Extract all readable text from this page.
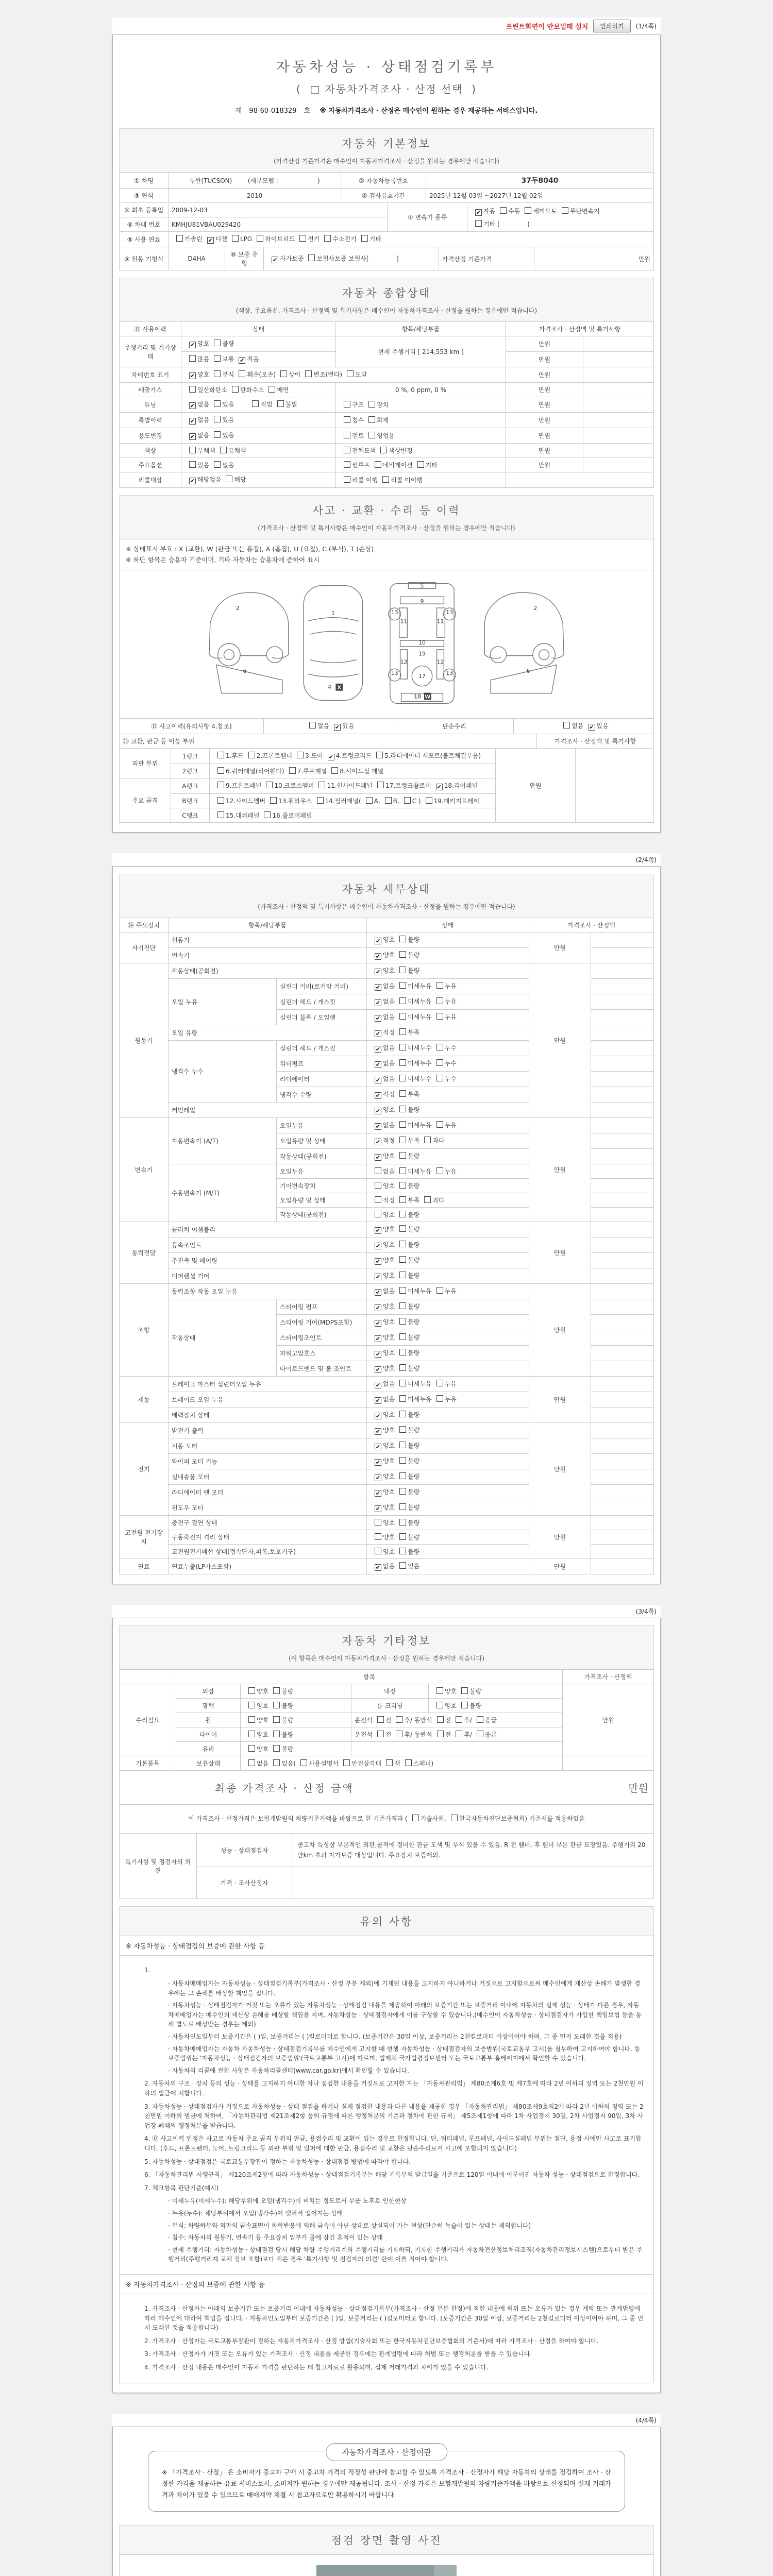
프린트화면이 안보일때 설치	인쇄하기	(1/4쪽)
자동차성능 · 상태점검기록부
(  □ 자동차가격조사 · 산정 선택  )
제 98-60-018329 호 ※ 자동차가격조사 · 산정은 매수인이 원하는 경우 제공하는 서비스입니다.
자동차 기본정보
(가격산정 기준가격은 매수인이 자동차가격조사 · 산정을 원하는 경우에만 적습니다)
① 차명	투싼(TUCSON)        (세부모델 :                    )	② 자동차등록번호	37두8040
③ 연식	2010	④ 검사유효기간	2025년 12월 03일 ~2027년 12월 02일
⑤ 최초 등록일	2009-12-03	⑦ 변속기 종류	✔ 자동 수동 세미오토 무단변속기
기타 (              )

⑥ 차대 번호	KMHJU81VBAU029420		
⑧ 사용 연료	가솔린 ✔ 디젤 LPG 하이브리드 전기 수소전기 기타
⑨ 원동 기형식	D4HA	⑩ 보증 유형	✔ 자가보증 보험사보증 보험사[              ]	가격산정 기준가격	만원
자동차 종합상태
(색상, 주요옵션, 가격조사 · 산정액 및 특기사항은 매수인이 자동차가격조사 · 산정을 원하는 경우에만 적습니다)
⑪ 사용이력	상태	항목/해당부품	가격조사 · 산정액 및 특기사항	
주행거리 및 계기상태	✔ 양호 불량	현재 주행거리 [ 214,553 km ]	만원	
	많음 보통 ✔ 적음		만원	
차대번호 표기	✔ 양호 부식 훼손(오손) 상이 변조(변타) 도말		만원	
배출가스	일산화탄소 탄화수소 매연	0 %, 0 ppm, 0 %	만원	
튜닝	✔ 없음 있음 적법 불법	구조 장치	만원	
특별이력	✔ 없음 있음	침수 화재	만원	
용도변경	✔ 없음 있음	렌트 영업용	만원	
색상	무채색 유채색	전체도색 색상변경	만원	
주요옵션	있음 없음	썬루프 네비게이션 기타	만원	
리콜대상	✔ 해당없음 해당	리콜 이행 리콜 미이행		
사고 · 교환 · 수리 등 이력
(가격조사 · 산정액 및 특기사항은 매수인이 자동차가격조사 · 산정을 원하는 경우에만 적습니다)
※ 상태표시 부호 : X (교환), W (판금 또는 용접), A (흠집), U (요철), C (부식), T (손상)
※ 하단 항목은 승용차 기준이며, 기타 자동차는 승용차에 준하여 표시
2
6
1
4 X
5
9
11	11
13	13
10
19
12	12
13	13
17
18 W
2
6
⑫ 사고이력(유의사항 4.참조)	없음 ✔ 있음	단순수리	없음 ✔ 있음
⑬ 교환, 판금 등 이상 부위	가격조사 · 산정액 및 특기사항
외판 부위	1랭크	1.후드 2.프론트휀더 3.도어 ✔ 4.트렁크리드 5.라디에이터 서포트(볼트체결부품)	만원	
	2랭크	6.쿼터패널(리어휀다) 7.루프패널 8.사이드실 패널		
주요 골격	A랭크	9.프론트패널 10.크로스멤버 11.인사이드패널 17.트렁크플로어 ✔ 18.리어패널		
	B랭크	12.사이드멤버 13.휠하우스 14.필러패널( A, B, C ) 19.패키지트레이		
	C랭크	15.대쉬패널 16.플로어패널		
(2/4쪽)
자동차 세부상태
(가격조사 · 산정액 및 특기사항은 매수인이 자동차가격조사 · 산정을 원하는 경우에만 적습니다)
⑭ 주요장치	항목/해당부품		상태	가격조사 · 산정액	
자기진단	원동기		✔ 양호 불량	만원	
	변속기		✔ 양호 불량		
원동기	작동상태(공회전)		✔ 양호 불량	만원	
	오일 누유	실린더 커버(로커암 커버)	✔ 없음 미세누유 누유		
		실린더 헤드 / 개스킷	✔ 없음 미세누유 누유		
		실린더 블록 / 오일팬	✔ 없음 미세누유 누유		
	오일 유량		✔ 적정 부족		
	냉각수 누수	실린더 헤드 / 개스킷	✔ 없음 미세누수 누수		
		워터펌프	✔ 없음 미세누수 누수		
		라디에이터	✔ 없음 미세누수 누수		
		냉각수 수량	✔ 적정 부족		
	커먼레일		✔ 양호 불량		
변속기	자동변속기 (A/T)	오일누유	✔ 없음 미세누유 누유	만원	
		오일유량 및 상태	✔ 적정 부족 과다		
		작동상태(공회전)	✔ 양호 불량		
	수동변속기 (M/T)	오일누유	없음 미세누유 누유		
		기어변속장치	양호 불량		
		오일유량 및 상태	적정 부족 과다		
		작동상태(공회전)	양호 불량		
동력전달	클러치 어셈블리		✔ 양호 불량	만원	
	등속조인트		✔ 양호 불량		
	추진축 및 베어링		✔ 양호 불량		
	디퍼렌셜 기어		✔ 양호 불량		
조향	동력조향 작동 오일 누유		✔ 없음 미세누유 누유	만원	
	작동상태	스티어링 펌프	✔ 양호 불량		
		스티어링 기어(MDPS포함)	✔ 양호 불량		
		스티어링조인트	✔ 양호 불량		
		파워고압호스	✔ 양호 불량		
		타이로드엔드 및 볼 조인트	✔ 양호 불량		
제동	브레이크 마스터 실린더오일 누유		✔ 없음 미세누유 누유	만원	
	브레이크 오일 누유		✔ 없음 미세누유 누유		
	배력장치 상태		✔ 양호 불량		
전기	발전기 출력		✔ 양호 불량	만원	
	시동 모터		✔ 양호 불량		
	와이퍼 모터 기능		✔ 양호 불량		
	실내송풍 모터		✔ 양호 불량		
	라디에이터 팬 모터		✔ 양호 불량		
	윈도우 모터		✔ 양호 불량		
고전원 전기장치	충전구 절연 상태		양호 불량	만원	
	구동축전지 격리 상태		양호 불량		
	고전원전기배선 상태(접속단자,피복,보호기구)		양호 불량		
연료	연료누출(LP가스포함)		✔ 없음 있음	만원	
(3/4쪽)
자동차 기타정보
(이 항목은 매수인이 자동차가격조사 · 산정을 원하는 경우에만 적습니다)
	항목				가격조사 · 산정액
수리필요	외장	양호 불량	내장	양호 불량	만원
	광택	양호 불량	룸 크리닝	양호 불량	
	휠	양호 불량	운전석 전 후/ 동반석 전 후/ 응급		
	타이어	양호 불량	운전석 전 후/ 동반석 전 후/ 응급		
	유리	양호 불량			
기본품목	보유상태	없음 있음( 사용설명서 안전삼각대 잭 스패너)			
최종 가격조사 · 산정 금액	만원
이 가격조사 · 산정가격은 보험개발원의 차량기준가액을 바탕으로 한 기준가격과 ( 기술사회, 한국자동차진단보증협회) 기준서를 적용하였음
특기사항 및 점검자의 의견	성능 · 상태점검자	중고차 특성상 부분적인 외판,골격에 경미한 판금 도색 및 부식 있을 수 있음. R 전 휀더, 후 휀더 부분 판금 도장있음. 주행거리 20만km 초과 자가보증 대상입니다. 주요장치 보증제외.
	가격 · 조사산정자	
유의 사항
※ 자동차성능 · 상태점검의 보증에 관한 사항 등
1.
· 자동차매매업자는 자동차성능 · 상태점검기록부(가격조사 · 산정 부분 제외)에 기재된 내용을 고지하지 아니하거나 거짓으로 고지함으로써 매수인에게 재산상 손해가 발생한 경우에는 그 손해를 배상할 책임을 집니다.
· 자동차성능 · 상태점검자가 거짓 또는 오류가 있는 자동차성능 · 상태점검 내용을 제공하여 아래의 보증기간 또는 보증거리 이내에 자동차의 실제 성능 · 상태가 다른 경우, 자동차매매업자는 매수인의 재산상 손해를 배상할 책임을 지며, 자동차성능 · 상태점검자에게 이를 구상할 수 있습니다.(매수인이 자동차성능 · 상태점검자가 가입한 책임보험 등을 통해 별도로 배상받는 경우는 제외)
· 자동차인도일부터 보증기간은 ( )일, 보증거리는 ( )킬로미터로 합니다. (보증기간은 30일 이상, 보증거리는 2천킬로미터 이상이어야 하며, 그 중 먼저 도래한 것을 적용)
· 자동차매매업자는 자동차 자동차성능 · 상태점검기록부를 매수인에게 고지할 때 현행 자동차성능 · 상태점검자의 보증범위(국토교통부 고시)를 첨부하여 고지하여야 합니다. 동 보증범위는 '자동차성능 · 상태점검자의 보증범위'(국토교통부 고시)에 따르며, 법제처 국가법령정보센터 또는 국토교통부 홈페이지에서 확인할 수 있습니다.
· 자동차의 리콜에 관한 사항은 자동차리콜센터(www.car.go.kr)에서 확인할 수 있습니다.
2. 자동차의 구조 · 장치 등의 성능 · 상태를 고지하지 아니한 자나 점검한 내용을 거짓으로 고지한 자는 「자동차관리법」 제80조제6호 및 제7호에 따라 2년 이하의 징역 또는 2천만원 이하의 벌금에 처합니다.
3. 자동차성능 · 상태점검자가 거짓으로 자동차성능 · 상태 점검을 하거나 실제 점검한 내용과 다른 내용을 제공한 경우 「자동차관리법」 제80조제9호의2에 따라 2년 이하의 징역 또는 2천만원 이하의 벌금에 처하며, 「자동차관리법 제21조제2항 등의 규정에 따른 행정처분의 기준과 절차에 관한 규칙」 제5조제1항에 따라 1차 사업정지 30일, 2차 사업정지 90일, 3차 사업장 폐쇄의 행정처분을 받습니다.
4. ⑫ 사고이력 인정은 사고로 자동차 주요 골격 부위의 판금, 용접수리 및 교환이 있는 경우로 한정합니다. 단, 쿼터패널, 루프패널, 사이드실패널 부위는 절단, 용접 시에만 사고로 표기합니다. (후드, 프론트펜더, 도어, 트렁크리드 등 외판 부위 및 범퍼에 대한 판금, 용접수리 및 교환은 단순수리로서 사고에 포함되지 않습니다)
5. 자동차성능 · 상태점검은 국토교통부장관이 정하는 자동차성능 · 상태점검 방법에 따라야 합니다.
6. 「자동차관리법 시행규칙」 제120조제2항에 따라 자동차성능 · 상태점검기록부는 해당 기록부의 발급일을 기준으로 120일 이내에 이루어진 자동차 성능 · 상태점검으로 한정합니다.
7. 체크항목 판단기준(예시)
· 미세누유(미세누수): 해당부위에 오일(냉각수)이 비치는 정도로서 부품 노후로 인한현상
· 누유(누수): 해당부위에서 오일(냉각수)이 맺혀서 떨어지는 상태
· 부식: 차량하부와 외판의 금속표면이 화학반응에 의해 금속이 아닌 상태로 상실되어 가는 현상(단순히 녹슬어 있는 상태는 제외합니다)
· 침수: 자동차의 원동기, 변속기 등 주요장치 일부가 물에 잠긴 흔적이 있는 상태
· 현재 주행거리: 자동차성능 · 상태점검 당시 해당 차량 주행거리계의 주행거리를 기록하되, 기록한 주행거리가 자동차전산정보처리조직(자동차관리정보시스템)으로부터 받은 주행거리(주행거리계 교체 정보 포함)보다 적은 경우 '특기사항 및 점검자의 의견' 란에 이를 적어야 합니다.
※ 자동차가격조사 · 산정의 보증에 관한 사항 등
1. 가격조사 · 산정자는 아래의 보증기간 또는 보증거리 이내에 자동차성능 · 상태점검기록부(가격조사 · 산정 부분 한정)에 적힌 내용에 허위 또는 오류가 있는 경우 계약 또는 관계법령에 따라 매수인에 대하여 책임을 집니다. · 자동차인도일부터 보증기간은 ( )일, 보증거리는 ( )킬로미터로 합니다. (보증기간은 30일 이상, 보증거리는 2천킬로미터 이상이어야 하며, 그 중 먼저 도래한 것을 적용합니다)
2. 가격조사 · 산정자는 국토교통부장관이 정하는 자동차가격조사 · 산정 방법(기술사회 또는 한국자동차진단보증협회의 기준서)에 따라 가격조사 · 산정을 하여야 합니다.
3. 가격조사 · 산정자가 거짓 또는 오류가 있는 가격조사 · 산정 내용을 제공한 경우에는 관계법령에 따라 처벌 또는 행정처분을 받을 수 있습니다.
4. 가격조사 · 산정 내용은 매수인이 자동차 가격을 판단하는 데 참고자료로 활용되며, 실제 거래가격과 차이가 있을 수 있습니다.
(4/4쪽)
자동차가격조사 · 산정이란
※ 「가격조사 · 산정」 은 소비자가 중고차 구매 시 중고차 가격의 적정성 판단에 참고할 수 있도록 가격조사 · 산정자가 해당 자동차의 상태를 점검하여 조사 · 산정한 가격을 제공하는 유료 서비스로서, 소비자가 원하는 경우에만 제공됩니다. 조사 · 산정 가격은 보험개발원의 차량기준가액을 바탕으로 산정되며 실제 거래가격과 차이가 있을 수 있으므로 매매계약 체결 시 참고자료로만 활용하시기 바랍니다.
점검 장면 촬영 사진
